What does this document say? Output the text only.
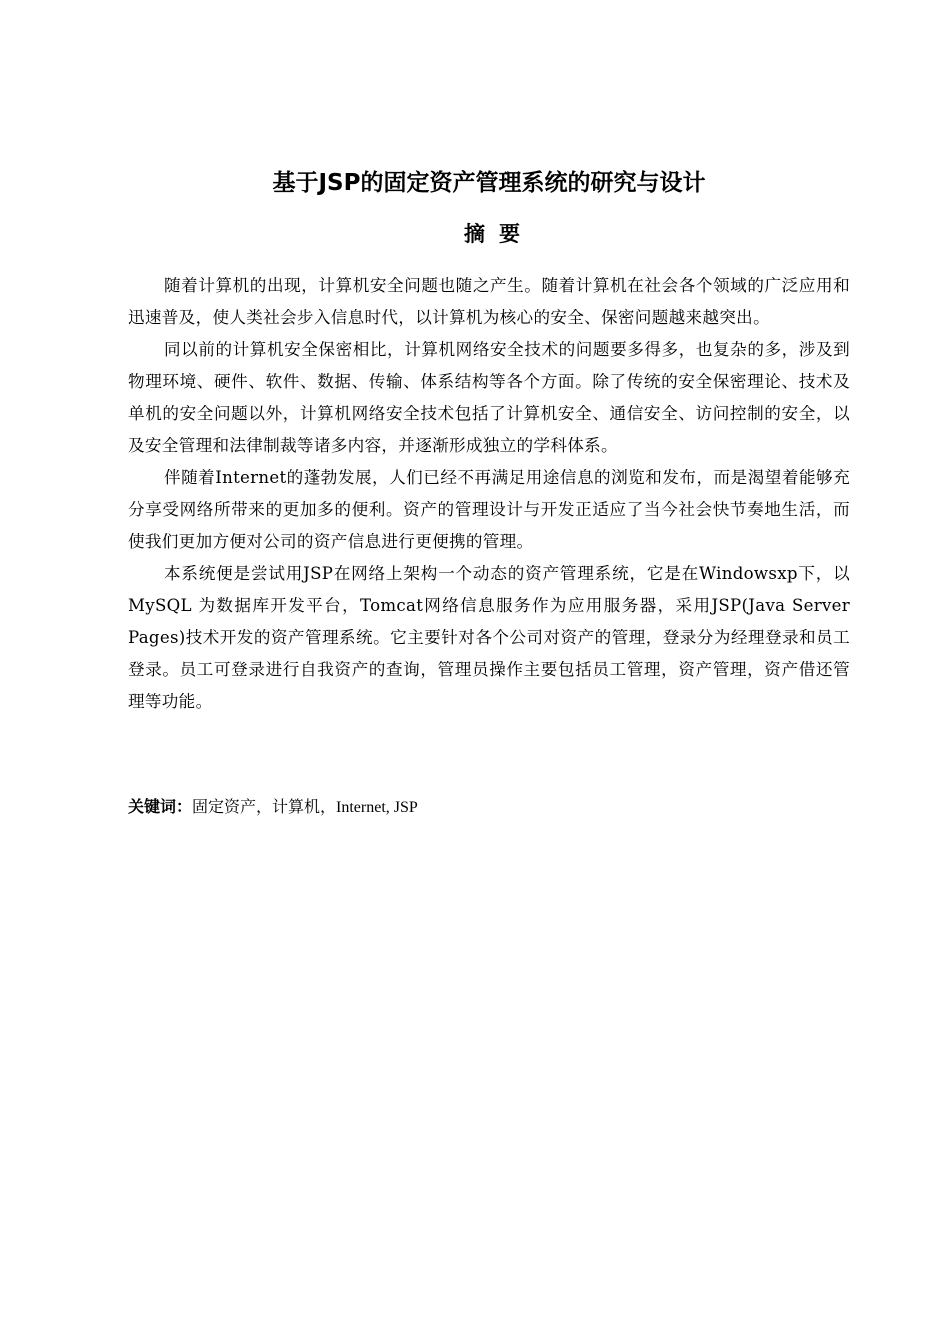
基于JSP的固定资产管理系统的研究与设计
摘要

随着计算机的出现，计算机安全问题也随之产生。随着计算机在社会各个领域的广泛应用和迅速普及，使人类社会步入信息时代，以计算机为核心的安全、保密问题越来越突出。

同以前的计算机安全保密相比，计算机网络安全技术的问题要多得多，也复杂的多，涉及到物理环境、硬件、软件、数据、传输、体系结构等各个方面。除了传统的安全保密理论、技术及单机的安全问题以外，计算机网络安全技术包括了计算机安全、通信安全、访问控制的安全，以及安全管理和法律制裁等诸多内容，并逐渐形成独立的学科体系。

伴随着Internet的蓬勃发展，人们已经不再满足用途信息的浏览和发布，而是渴望着能够充分享受网络所带来的更加多的便利。资产的管理设计与开发正适应了当今社会快节奏地生活，而使我们更加方便对公司的资产信息进行更便携的管理。

本系统便是尝试用JSP在网络上架构一个动态的资产管理系统，它是在Windowsxp下，以MySQL 为数据库开发平台，Tomcat网络信息服务作为应用服务器，采用JSP(Java Server Pages)技术开发的资产管理系统。它主要针对各个公司对资产的管理，登录分为经理登录和员工登录。员工可登录进行自我资产的查询，管理员操作主要包括员工管理，资产管理，资产借还管理等功能。

关键词：固定资产，计算机，Internet, JSP
